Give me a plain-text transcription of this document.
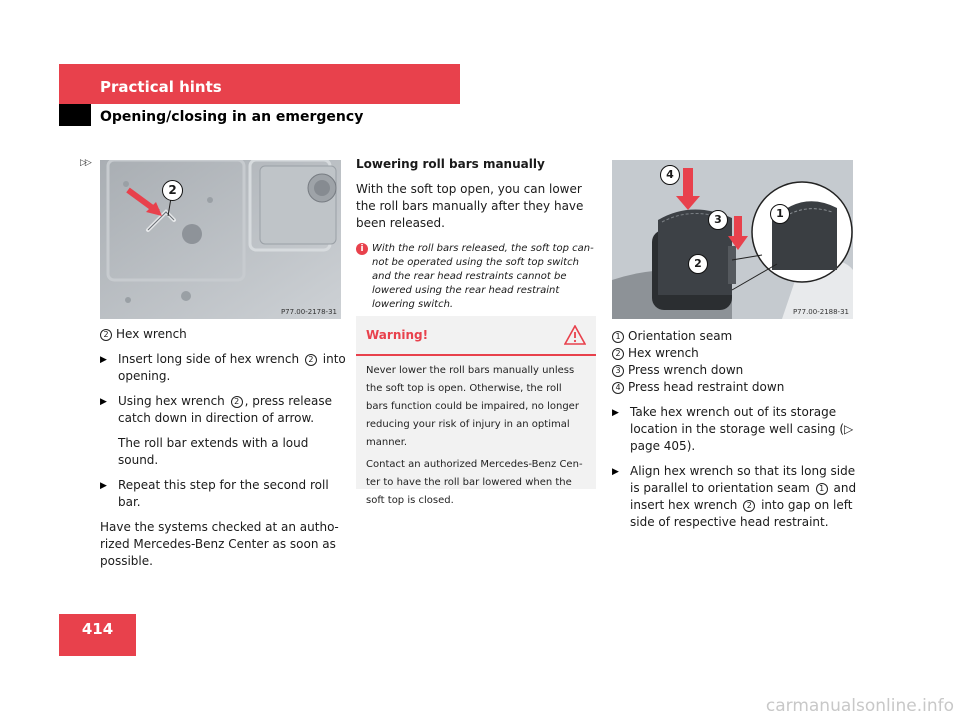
Practical hints
Opening/closing in an emergency
▷▷
2
P77.00-2178-31
4
3
2
1
P77.00-2188-31
2 Hex wrench
▶ Insert long side of hex wrench 2 into opening.
▶ Using hex wrench 2 , press release catch down in direction of arrow.
The roll bar extends with a loud sound.
▶ Repeat this step for the second roll bar.
Have the systems checked at an authorized Mercedes-Benz Center as soon as possible.
Lowering roll bars manually
With the soft top open, you can lower the roll bars manually after they have been released.
i With the roll bars released, the soft top cannot be operated using the soft top switch and the rear head restraints cannot be lowered using the rear head restraint lowering switch.
Warning!

Never lower the roll bars manually unless the soft top is open. Otherwise, the roll bars function could be impaired, no longer reducing your risk of injury in an optimal manner.

Contact an authorized Mercedes-Benz Center to have the roll bar lowered when the soft top is closed.

1 Orientation seam
2 Hex wrench
3 Press wrench down
4 Press head restraint down
▶ Take hex wrench out of its storage location in the storage well casing (▷ page 405).
▶ Align hex wrench so that its long side is parallel to orientation seam 1 and insert hex wrench 2 into gap on left side of respective head restraint.
414
carmanualsonline.info
